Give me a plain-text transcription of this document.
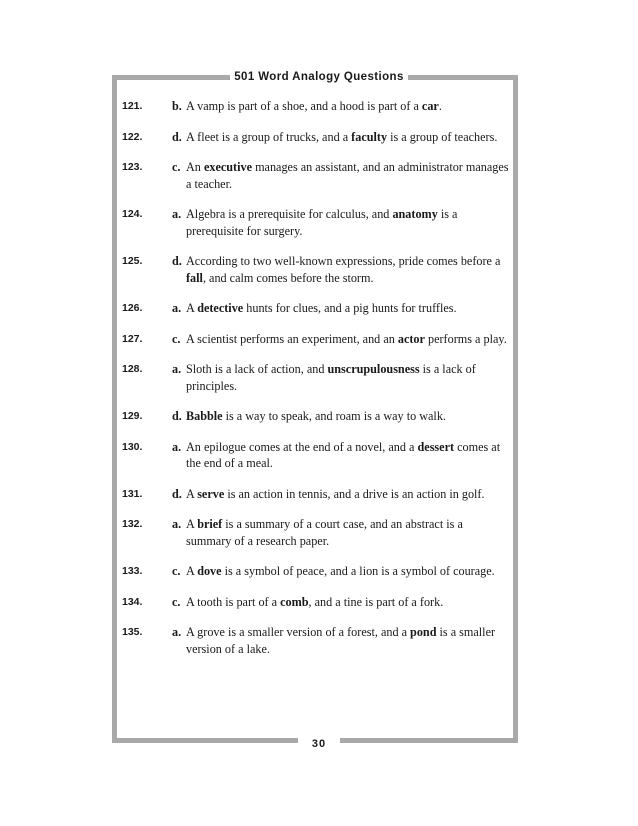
501 Word Analogy Questions
121.	b. A vamp is part of a shoe, and a hood is part of a car.
122.	d. A fleet is a group of trucks, and a faculty is a group of teachers.
123.	c. An executive manages an assistant, and an administrator manages a teacher.
124.	a. Algebra is a prerequisite for calculus, and anatomy is a prerequisite for surgery.
125.	d. According to two well-known expressions, pride comes before a fall, and calm comes before the storm.
126.	a. A detective hunts for clues, and a pig hunts for truffles.
127.	c. A scientist performs an experiment, and an actor performs a play.
128.	a. Sloth is a lack of action, and unscrupulousness is a lack of principles.
129.	d. Babble is a way to speak, and roam is a way to walk.
130.	a. An epilogue comes at the end of a novel, and a dessert comes at the end of a meal.
131.	d. A serve is an action in tennis, and a drive is an action in golf.
132.	a. A brief is a summary of a court case, and an abstract is a summary of a research paper.
133.	c. A dove is a symbol of peace, and a lion is a symbol of courage.
134.	c. A tooth is part of a comb, and a tine is part of a fork.
135.	a. A grove is a smaller version of a forest, and a pond is a smaller version of a lake.
30
